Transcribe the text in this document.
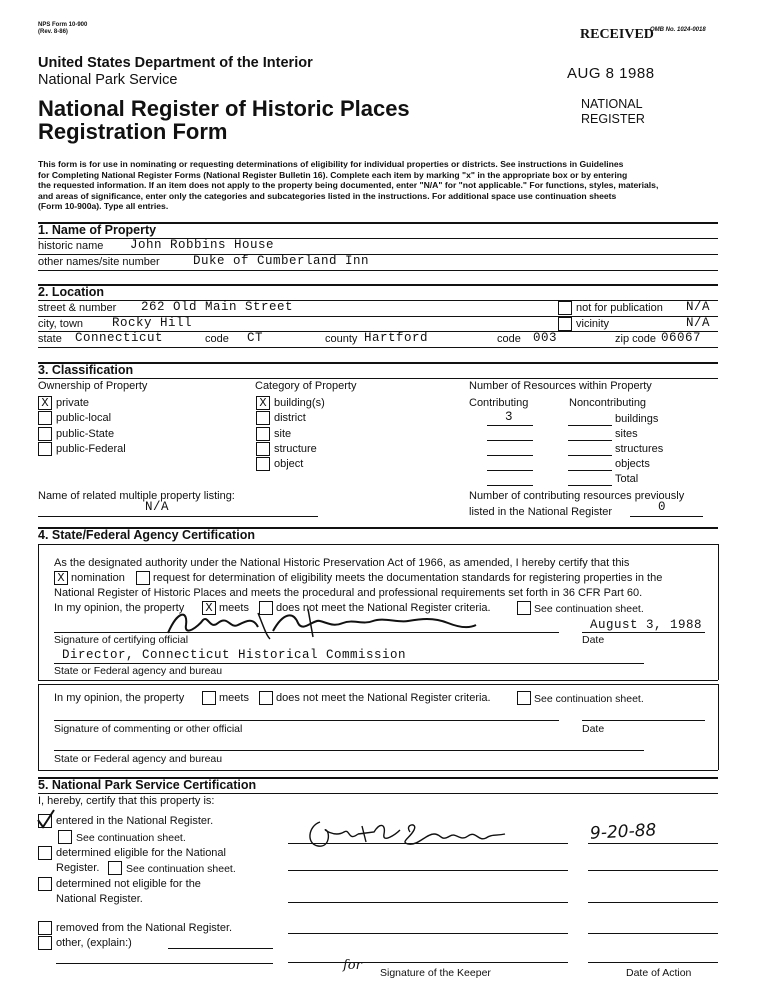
NPS Form 10-900
(Rev. 8-86)	OMB No. 1024-0018
United States Department of the Interior
National Park Service
National Register of Historic Places
Registration Form
RECEIVED
AUG 8 1988
NATIONAL
REGISTER
This form is for use in nominating or requesting determinations of eligibility for individual properties or districts. See instructions in Guidelines
for Completing National Register Forms (National Register Bulletin 16). Complete each item by marking "x" in the appropriate box or by entering
the requested information. If an item does not apply to the property being documented, enter "N/A" for "not applicable." For functions, styles, materials,
and areas of significance, enter only the categories and subcategories listed in the instructions. For additional space use continuation sheets
(Form 10-900a). Type all entries.
1. Name of Property
historic name John Robbins House
other names/site number	Duke of Cumberland Inn
2. Location
street & number 262 Old Main Street	not for publication N/A
city, town Rocky Hill	vicinity	N/A
state Connecticut	code CT	county Hartford	code 003	zip code 06067
3. Classification
Ownership of Property
X private
public-local
public-State
public-Federal
Category of Property
X building(s)
district
site
structure
object
Number of Resources within Property
Contributing	Noncontributing
3	buildings
sites
structures
objects
Total
Name of related multiple property listing:
N/A
Number of contributing resources previously
listed in the National Register	0
4. State/Federal Agency Certification
As the designated authority under the National Historic Preservation Act of 1966, as amended, I hereby certify that this
X nomination	request for determination of eligibility meets the documentation standards for registering properties in the
National Register of Historic Places and meets the procedural and professional requirements set forth in 36 CFR Part 60.
In my opinion, the property X meets does not meet the National Register criteria.	See continuation sheet.
August 3, 1988
Signature of certifying official	Date
Director, Connecticut Historical Commission
State or Federal agency and bureau
In my opinion, the property	meets does not meet the National Register criteria.	See continuation sheet.
Signature of commenting or other official	Date
State or Federal agency and bureau
5. National Park Service Certification
I, hereby, certify that this property is:
entered in the National Register.
See continuation sheet.
determined eligible for the National
Register.	See continuation sheet.
determined not eligible for the
National Register.
removed from the National Register.
other, (explain:)
9-20-88
for Signature of the Keeper	Date of Action
